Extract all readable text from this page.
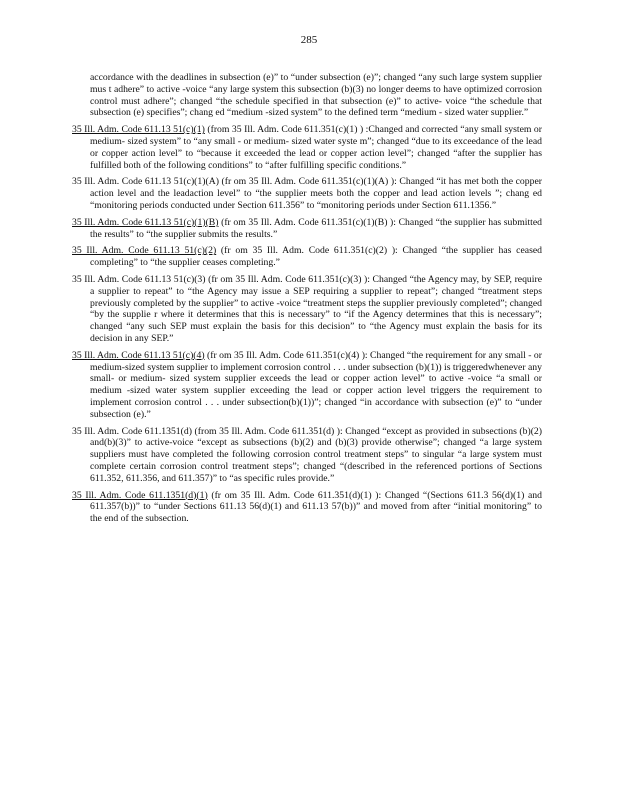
285

accordance with the deadlines in subsection (e)” to “under subsection (e)”; changed “any such large system supplier mus t adhere” to active -voice “any large system this subsection (b)(3) no longer deems to have optimized corrosion control must adhere”; changed “the schedule specified in that subsection (e)” to active- voice “the schedule that subsection (e) specifies”; chang ed “medium -sized system” to the defined term “medium - sized water supplier.”

35 Ill. Adm. Code 611.13 51(c)(1) (from 35 Ill. Adm. Code 611.351(c)(1) ) :Changed and corrected “any small system or medium- sized system” to “any small - or medium- sized water syste m”; changed “due to its exceedance of the lead or copper action level” to “because it exceeded the lead or copper action level”; changed “after the supplier has fulfilled both of the following conditions” to “after fulfilling specific conditions.”

35 Ill. Adm. Code 611.13 51(c)(1)(A) (fr om 35 Ill. Adm. Code 611.351(c)(1)(A) ): Changed “it has met both the copper action level and the leadaction level” to “the supplier meets both the copper and lead action levels ”; chang ed “monitoring periods conducted under Section 611.356” to “monitoring periods under Section 611.1356.”

35 Ill. Adm. Code 611.13 51(c)(1)(B) (fr om 35 Ill. Adm. Code 611.351(c)(1)(B) ): Changed “the supplier has submitted the results” to “the supplier submits the results.”

35 Ill. Adm. Code 611.13 51(c)(2) (fr om 35 Ill. Adm. Code 611.351(c)(2) ): Changed “the supplier has ceased completing” to “the supplier ceases completing.”

35 Ill. Adm. Code 611.13 51(c)(3) (fr om 35 Ill. Adm. Code 611.351(c)(3) ): Changed “the Agency may, by SEP, require a supplier to repeat” to “the Agency may issue a SEP requiring a supplier to repeat”; changed “treatment steps previously completed by the supplier” to active -voice “treatment steps the supplier previously completed”; changed “by the supplie r where it determines that this is necessary” to “if the Agency determines that this is necessary”; changed “any such SEP must explain the basis for this decision” to “the Agency must explain the basis for its decision in any SEP.”

35 Ill. Adm. Code 611.13 51(c)(4) (fr om 35 Ill. Adm. Code 611.351(c)(4) ): Changed “the requirement for any small - or medium-sized system supplier to implement corrosion control . . . under subsection (b)(1)) is triggeredwhenever any small- or medium- sized system supplier exceeds the lead or copper action level” to active -voice “a small or medium -sized water system supplier exceeding the lead or copper action level triggers the requirement to implement corrosion control . . . under subsection(b)(1))”; changed “in accordance with subsection (e)” to “under subsection (e).”

35 Ill. Adm. Code 611.1351(d) (from 35 Ill. Adm. Code 611.351(d) ): Changed “except as provided in subsections (b)(2) and(b)(3)” to active-voice “except as subsections (b)(2) and (b)(3) provide otherwise”; changed “a large system suppliers must have completed the following corrosion control treatment steps” to singular “a large system must complete certain corrosion control treatment steps”; changed “(described in the referenced portions of Sections 611.352, 611.356, and 611.357)” to “as specific rules provide.”

35 Ill. Adm. Code 611.1351(d)(1) (fr om 35 Ill. Adm. Code 611.351(d)(1) ): Changed “(Sections 611.3 56(d)(1) and 611.357(b))” to “under Sections 611.13 56(d)(1) and 611.13 57(b))” and moved from after “initial monitoring” to the end of the subsection.
